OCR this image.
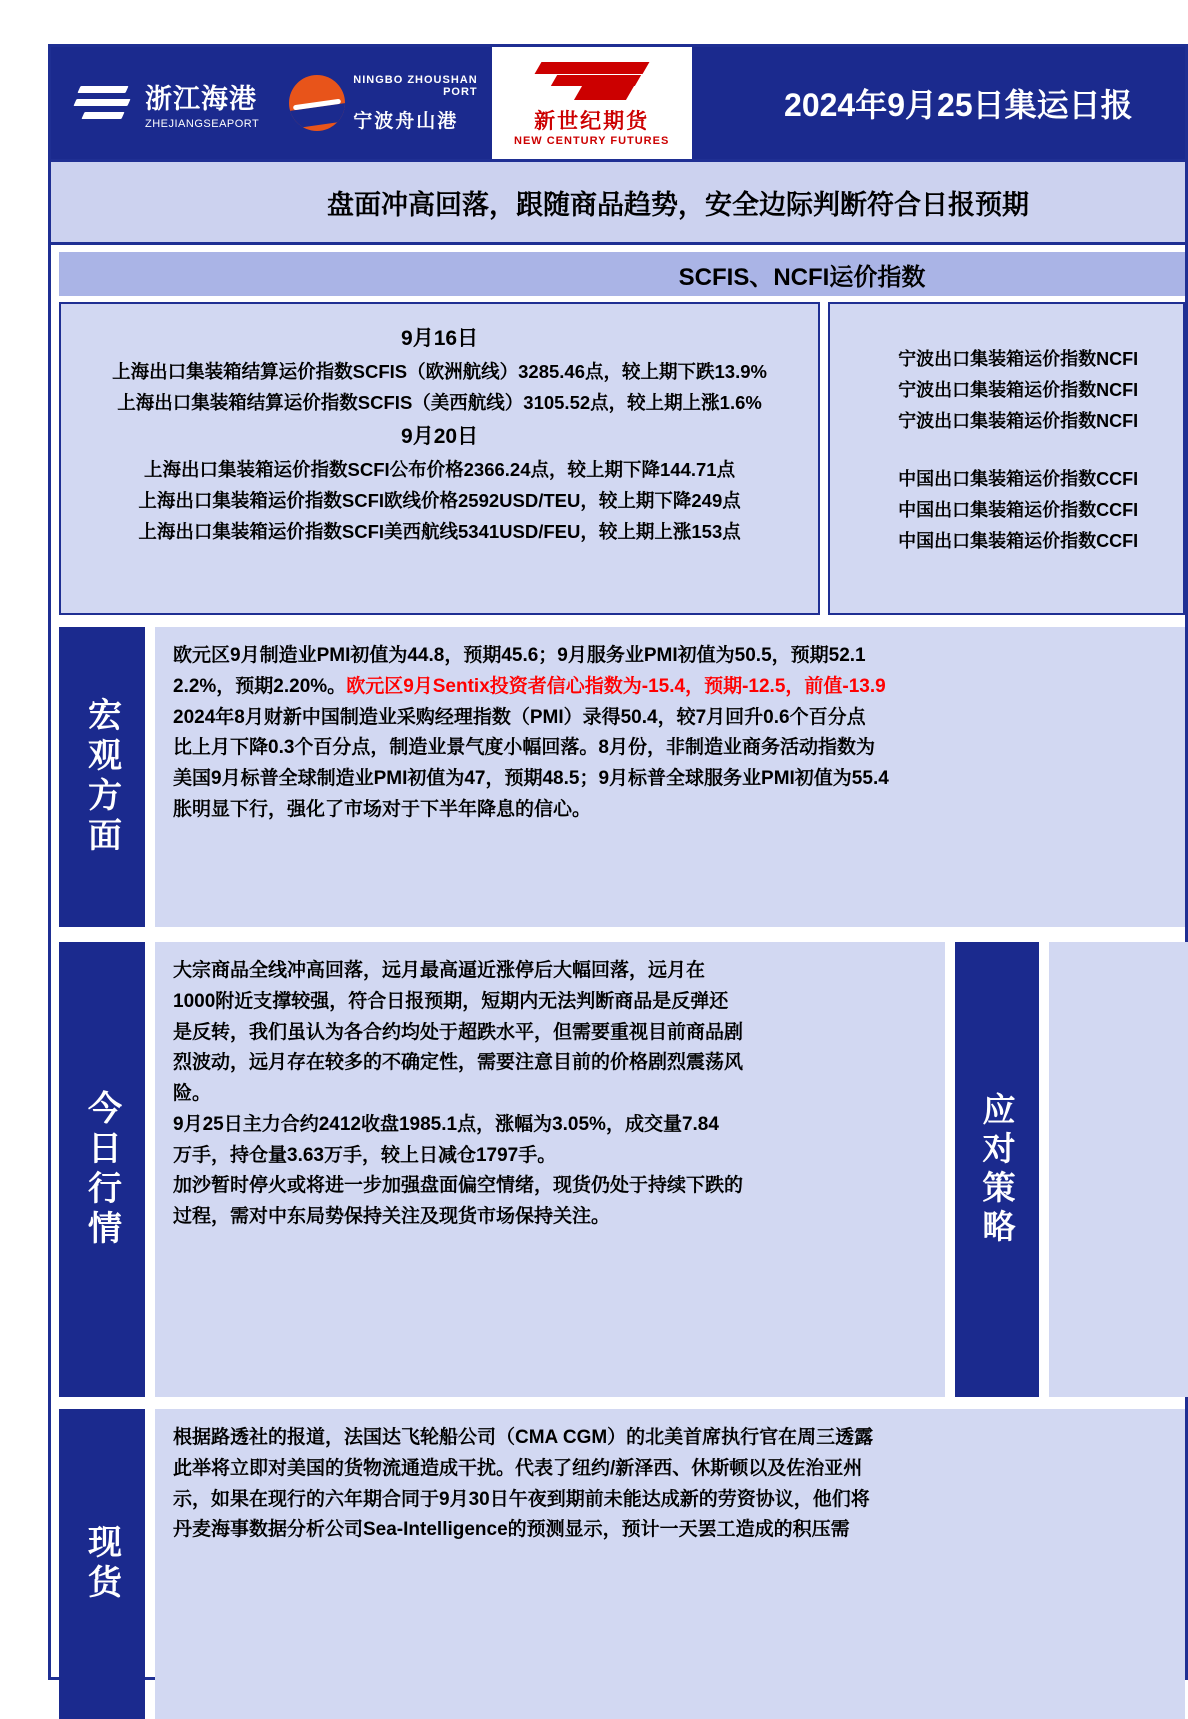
浙江海港
ZHEJIANGSEAPORT
NINGBO ZHOUSHAN
PORT
宁波舟山港	新世纪期货
NEW CENTURY FUTURES
2024年9月25日集运日报
盘面冲高回落，跟随商品趋势，安全边际判断符合日报预期
SCFIS、NCFI运价指数
9月16日
上海出口集装箱结算运价指数SCFIS（欧洲航线）3285.46点，较上期下跌13.9%
上海出口集装箱结算运价指数SCFIS（美西航线）3105.52点，较上期上涨1.6%
9月20日
上海出口集装箱运价指数SCFI公布价格2366.24点，较上期下降144.71点
上海出口集装箱运价指数SCFI欧线价格2592USD/TEU，较上期下降249点
上海出口集装箱运价指数SCFI美西航线5341USD/FEU，较上期上涨153点
宁波出口集装箱运价指数NCFI
宁波出口集装箱运价指数NCFI
宁波出口集装箱运价指数NCFI
中国出口集装箱运价指数CCFI
中国出口集装箱运价指数CCFI
中国出口集装箱运价指数CCFI
宏观方面
欧元区9月制造业PMI初值为44.8，预期45.6；9月服务业PMI初值为50.5，预期52.1
2.2%，预期2.20%。欧元区9月Sentix投资者信心指数为-15.4，预期-12.5，前值-13.9
2024年8月财新中国制造业采购经理指数（PMI）录得50.4，较7月回升0.6个百分点
比上月下降0.3个百分点，制造业景气度小幅回落。8月份，非制造业商务活动指数为
美国9月标普全球制造业PMI初值为47，预期48.5；9月标普全球服务业PMI初值为55.4
胀明显下行，强化了市场对于下半年降息的信心。
今日行情
大宗商品全线冲高回落，远月最高逼近涨停后大幅回落，远月在
1000附近支撑较强，符合日报预期，短期内无法判断商品是反弹还
是反转，我们虽认为各合约均处于超跌水平，但需要重视目前商品剧
烈波动，远月存在较多的不确定性，需要注意目前的价格剧烈震荡风
险。
9月25日主力合约2412收盘1985.1点，涨幅为3.05%，成交量7.84
万手，持仓量3.63万手，较上日减仓1797手。
加沙暂时停火或将进一步加强盘面偏空情绪，现货仍处于持续下跌的
过程，需对中东局势保持关注及现货市场保持关注。	应对策略
现货
根据路透社的报道，法国达飞轮船公司（CMA CGM）的北美首席执行官在周三透露
此举将立即对美国的货物流通造成干扰。代表了纽约/新泽西、休斯顿以及佐治亚州
示，如果在现行的六年期合同于9月30日午夜到期前未能达成新的劳资协议，他们将
丹麦海事数据分析公司Sea-Intelligence的预测显示，预计一天罢工造成的积压需
